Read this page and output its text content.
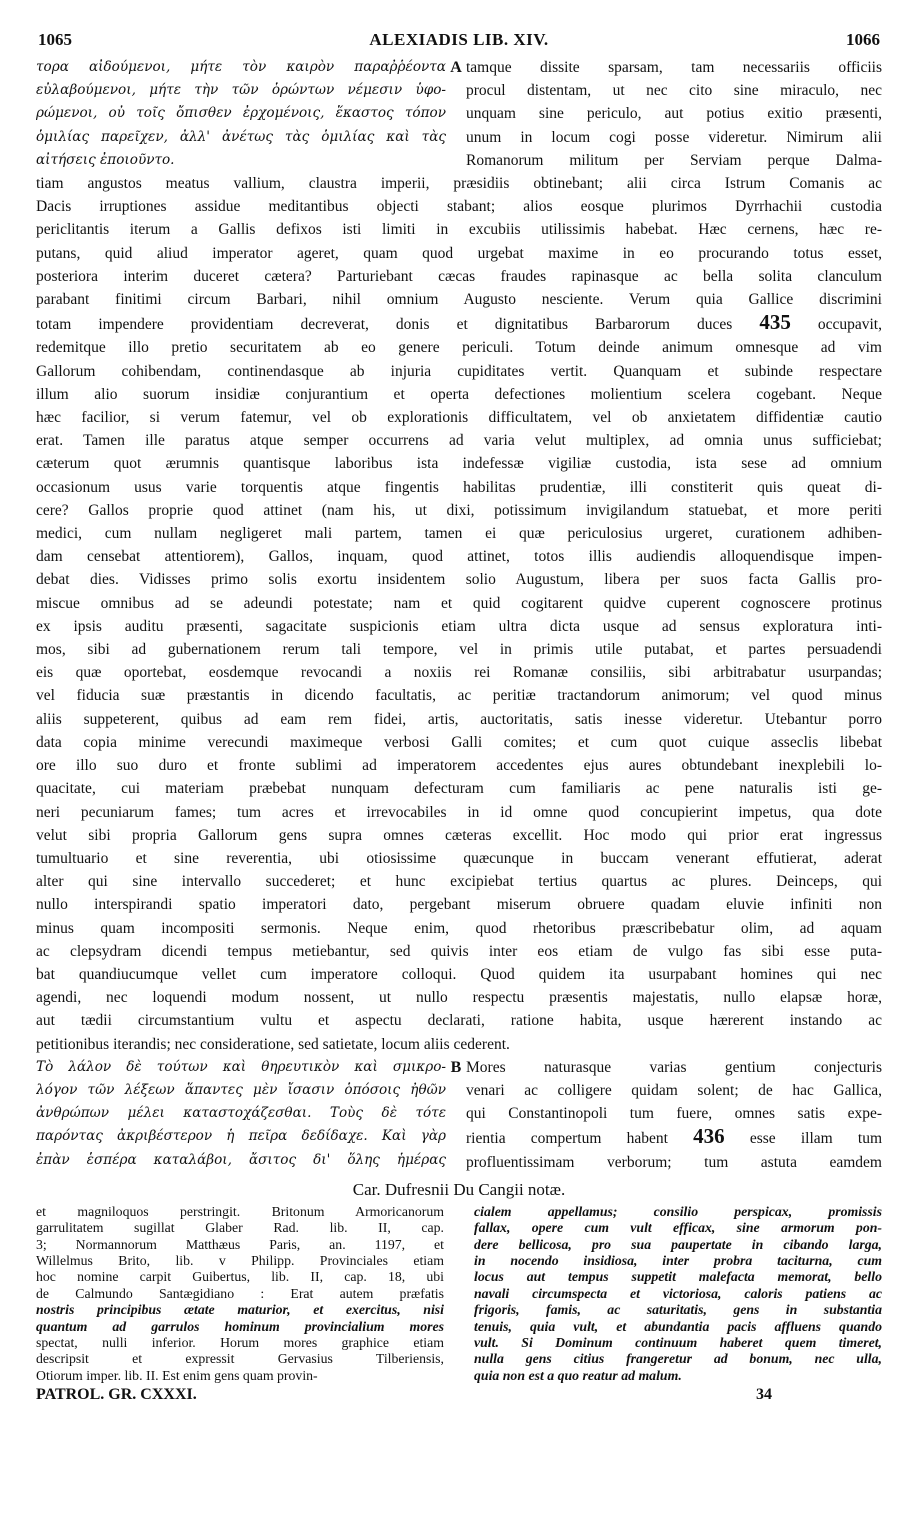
1065	ALEXIADIS LIB. XIV.	1066
τορα αἰδούμενοι, μήτε τὸν καιρὸν παραῤῥέοντα
εὐλαβούμενοι, μήτε τὴν τῶν ὁρώντων νέμεσιν ὑφο-
ρώμενοι, οὐ τοῖς ὄπισθεν ἐρχομένοις, ἕκαστος τόπον
ὁμιλίας παρεῖχεν, ἀλλ' ἀνέτως τὰς ὁμιλίας καὶ τὰς
αἰτήσεις ἐποιοῦντο.
A tamque dissite sparsam, tam necessariis officiis
procul distentam, ut nec cito sine miraculo, nec
unquam sine periculo, aut potius exitio præsenti,
unum in locum cogi posse videretur. Nimirum alii
Romanorum militum per Serviam perque Dalma-
tiam angustos meatus vallium, claustra imperii, præsidiis obtinebant; alii circa Istrum Comanis ac
Dacis irruptiones assidue meditantibus objecti stabant; alios eosque plurimos Dyrrhachii custodia
periclitantis iterum a Gallis defixos isti limiti in excubiis utilissimis habebat. Hæc cernens, hæc re-
putans, quid aliud imperator ageret, quam quod urgebat maxime in eo procurando totus esset,
posteriora interim duceret cætera? Parturiebant cæcas fraudes rapinasque ac bella solita clanculum
parabant finitimi circum Barbari, nihil omnium Augusto nesciente. Verum quia Gallice discrimini
totam impendere providentiam decreverat, donis et dignitatibus Barbarorum duces 435 occupavit,
redemitque illo pretio securitatem ab eo genere periculi. Totum deinde animum omnesque ad vim
Gallorum cohibendam, continendasque ab injuria cupiditates vertit. Quanquam et subinde respectare
illum alio suorum insidiæ conjurantium et operta defectiones molientium scelera cogebant. Neque
hæc facilior, si verum fatemur, vel ob explorationis difficultatem, vel ob anxietatem diffidentiæ cautio
erat. Tamen ille paratus atque semper occurrens ad varia velut multiplex, ad omnia unus sufficiebat;
cæterum quot ærumnis quantisque laboribus ista indefessæ vigiliæ custodia, ista sese ad omnium
occasionum usus varie torquentis atque fingentis habilitas prudentiæ, illi constiterit quis queat di-
cere? Gallos proprie quod attinet (nam his, ut dixi, potissimum invigilandum statuebat, et more periti
medici, cum nullam negligeret mali partem, tamen ei quæ periculosius urgeret, curationem adhiben-
dam censebat attentiorem), Gallos, inquam, quod attinet, totos illis audiendis alloquendisque impen-
debat dies. Vidisses primo solis exortu insidentem solio Augustum, libera per suos facta Gallis pro-
miscue omnibus ad se adeundi potestate; nam et quid cogitarent quidve cuperent cognoscere protinus
ex ipsis auditu præsenti, sagacitate suspicionis etiam ultra dicta usque ad sensus exploratura inti-
mos, sibi ad gubernationem rerum tali tempore, vel in primis utile putabat, et partes persuadendi
eis quæ oportebat, eosdemque revocandi a noxiis rei Romanæ consiliis, sibi arbitrabatur usurpandas;
vel fiducia suæ præstantis in dicendo facultatis, ac peritiæ tractandorum animorum; vel quod minus
aliis suppeterent, quibus ad eam rem fidei, artis, auctoritatis, satis inesse videretur. Utebantur porro
data copia minime verecundi maximeque verbosi Galli comites; et cum quot cuique asseclis libebat
ore illo suo duro et fronte sublimi ad imperatorem accedentes ejus aures obtundebant inexplebili lo-
quacitate, cui materiam præbebat nunquam defecturam cum familiaris ac pene naturalis isti ge-
neri pecuniarum fames; tum acres et irrevocabiles in id omne quod concupierint impetus, qua dote
velut sibi propria Gallorum gens supra omnes cæteras excellit. Hoc modo qui prior erat ingressus
tumultuario et sine reverentia, ubi otiosissime quæcunque in buccam venerant effutierat, aderat
alter qui sine intervallo succederet; et hunc excipiebat tertius quartus ac plures. Deinceps, qui
nullo interspirandi spatio imperatori dato, pergebant miserum obruere quadam eluvie infiniti non
minus quam incompositi sermonis. Neque enim, quod rhetoribus præscribebatur olim, ad aquam
ac clepsydram dicendi tempus metiebantur, sed quivis inter eos etiam de vulgo fas sibi esse puta-
bat quandiucumque vellet cum imperatore colloqui. Quod quidem ita usurpabant homines qui nec
agendi, nec loquendi modum nossent, ut nullo respectu præsentis majestatis, nullo elapsæ horæ,
aut tædii circumstantium vultu et aspectu declarati, ratione habita, usque hærerent instando ac
petitionibus iterandis; nec consideratione, sed satietate, locum aliis cederent.
Τὸ λάλον δὲ τούτων καὶ θηρευτικὸν καὶ σμικρο-
λόγον τῶν λέξεων ἅπαντες μὲν ἴσασιν ὁπόσοις ἠθῶν
ἀνθρώπων μέλει καταστοχάζεσθαι. Τοὺς δὲ τότε
παρόντας ἀκριβέστερον ἡ πεῖρα δεδίδαχε. Καὶ γὰρ
ἐπὰν ἑσπέρα καταλάβοι, ἄσιτος δι' ὅλης ἡμέρας
B Mores naturasque varias gentium conjecturis
venari ac colligere quidam solent; de hac Gallica,
qui Constantinopoli tum fuere, omnes satis expe-
rientia compertum habent 436 esse illam tum
profluentissimam verborum; tum astuta eamdem
Car. Dufresnii Du Cangii notæ.
et magniloquos perstringit. Britonum Armoricanorum
garrulitatem sugillat Glaber Rad. lib. II, cap.
3; Normannorum Matthæus Paris, an. 1197, et
Willelmus Brito, lib. v Philipp. Provinciales etiam
hoc nomine carpit Guibertus, lib. II, cap. 18, ubi
de Calmundo Santægidiano : Erat autem præfatis
nostris principibus ætate maturior, et exercitus, nisi
quantum ad garrulos hominum provincialium mores
spectat, nulli inferior. Horum mores graphice etiam
descripsit et expressit Gervasius Tilberiensis,
Otiorum imper. lib. II. Est enim gens quam provin-
cialem appellamus; consilio perspicax, promissis
fallax, opere cum vult efficax, sine armorum pon-
dere bellicosa, pro sua paupertate in cibando larga,
in nocendo insidiosa, inter probra taciturna, cum
locus aut tempus suppetit malefacta memorat, bello
navali circumspecta et victoriosa, caloris patiens ac
frigoris, famis, ac saturitatis, gens in substantia
tenuis, quia vult, et abundantia pacis affluens quando
vult. Si Dominum continuum haberet quem timeret,
nulla gens citius frangeretur ad bonum, nec ulla,
quia non est a quo reatur ad malum.
PATROL. GR. CXXXI.	34
